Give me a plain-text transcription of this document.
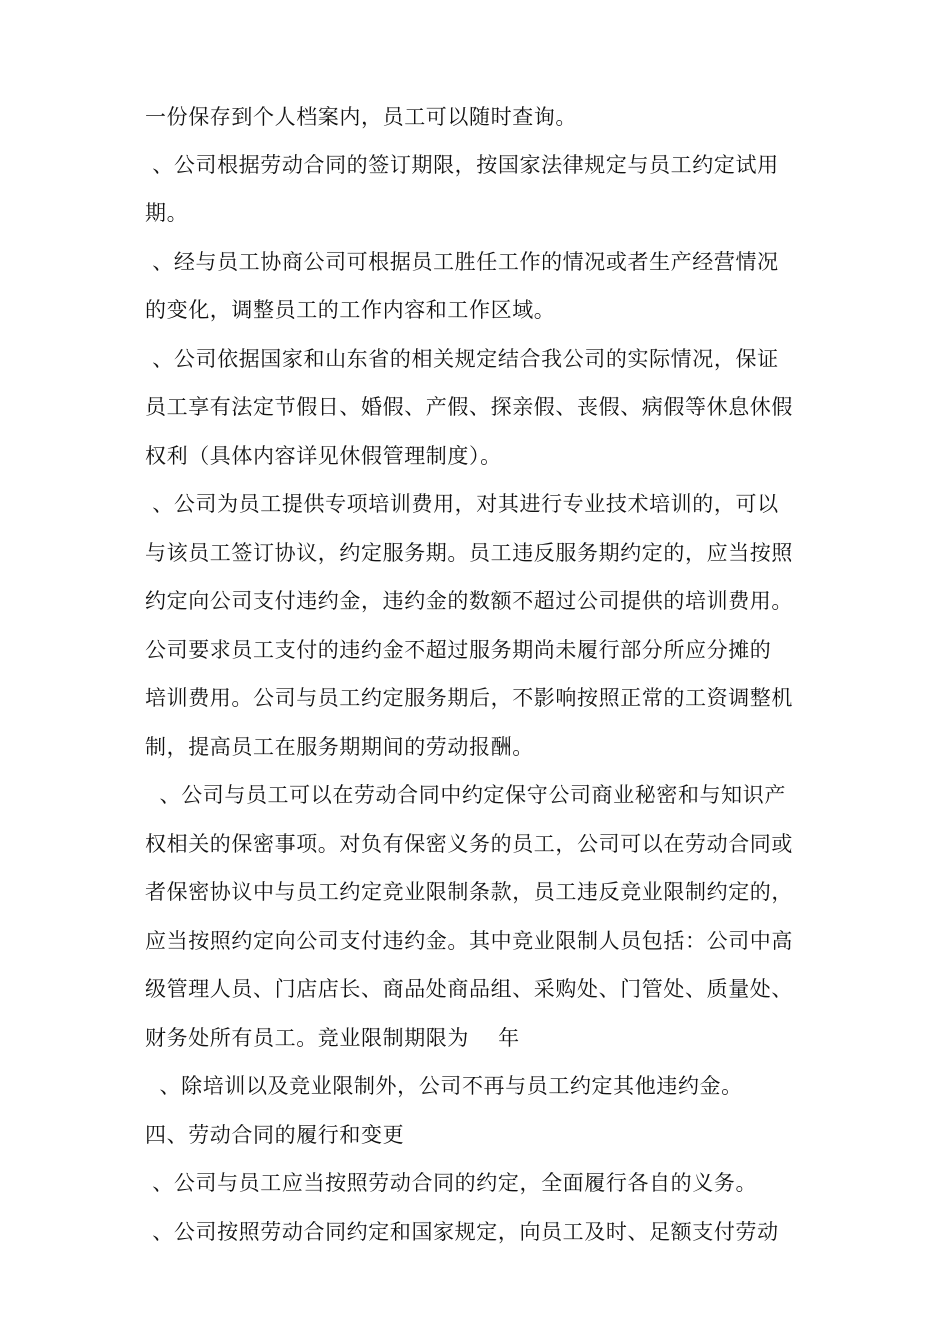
一份保存到个人档案内，员工可以随时查询。
、公司根据劳动合同的签订期限，按国家法律规定与员工约定试用
期。
、经与员工协商公司可根据员工胜任工作的情况或者生产经营情况
的变化，调整员工的工作内容和工作区域。
、公司依据国家和山东省的相关规定结合我公司的实际情况，保证
员工享有法定节假日、婚假、产假、探亲假、丧假、病假等休息休假
权利（具体内容详见休假管理制度）。
、公司为员工提供专项培训费用，对其进行专业技术培训的，可以
与该员工签订协议，约定服务期。员工违反服务期约定的，应当按照
约定向公司支付违约金，违约金的数额不超过公司提供的培训费用。
公司要求员工支付的违约金不超过服务期尚未履行部分所应分摊的
培训费用。公司与员工约定服务期后，不影响按照正常的工资调整机
制，提高员工在服务期期间的劳动报酬。
、公司与员工可以在劳动合同中约定保守公司商业秘密和与知识产
权相关的保密事项。对负有保密义务的员工，公司可以在劳动合同或
者保密协议中与员工约定竞业限制条款，员工违反竞业限制约定的，
应当按照约定向公司支付违约金。其中竞业限制人员包括：公司中高
级管理人员、门店店长、商品处商品组、采购处、门管处、质量处、
财务处所有员工。竞业限制期限为    年
、除培训以及竞业限制外，公司不再与员工约定其他违约金。
四、劳动合同的履行和变更
、公司与员工应当按照劳动合同的约定，全面履行各自的义务。
、公司按照劳动合同约定和国家规定，向员工及时、足额支付劳动
